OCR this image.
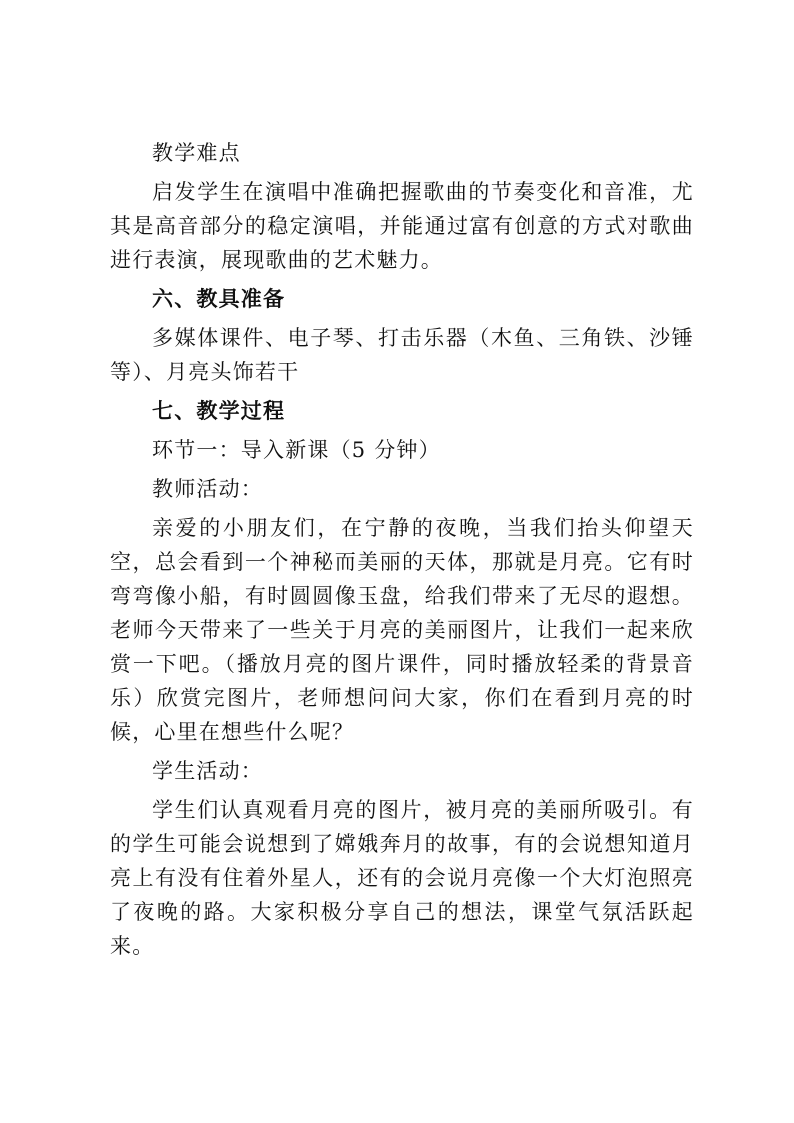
教学难点

启发学生在演唱中准确把握歌曲的节奏变化和音准，尤其是高音部分的稳定演唱，并能通过富有创意的方式对歌曲进行表演，展现歌曲的艺术魅力。

六、教具准备

多媒体课件、电子琴、打击乐器（木鱼、三角铁、沙锤等）、月亮头饰若干

七、教学过程

环节一：导入新课（5 分钟）

教师活动：

亲爱的小朋友们，在宁静的夜晚，当我们抬头仰望天空，总会看到一个神秘而美丽的天体，那就是月亮。它有时弯弯像小船，有时圆圆像玉盘，给我们带来了无尽的遐想。老师今天带来了一些关于月亮的美丽图片，让我们一起来欣赏一下吧。（播放月亮的图片课件，同时播放轻柔的背景音乐）欣赏完图片，老师想问问大家，你们在看到月亮的时候，心里在想些什么呢？

学生活动：

学生们认真观看月亮的图片，被月亮的美丽所吸引。有的学生可能会说想到了嫦娥奔月的故事，有的会说想知道月亮上有没有住着外星人，还有的会说月亮像一个大灯泡照亮了夜晚的路。大家积极分享自己的想法，课堂气氛活跃起来。
